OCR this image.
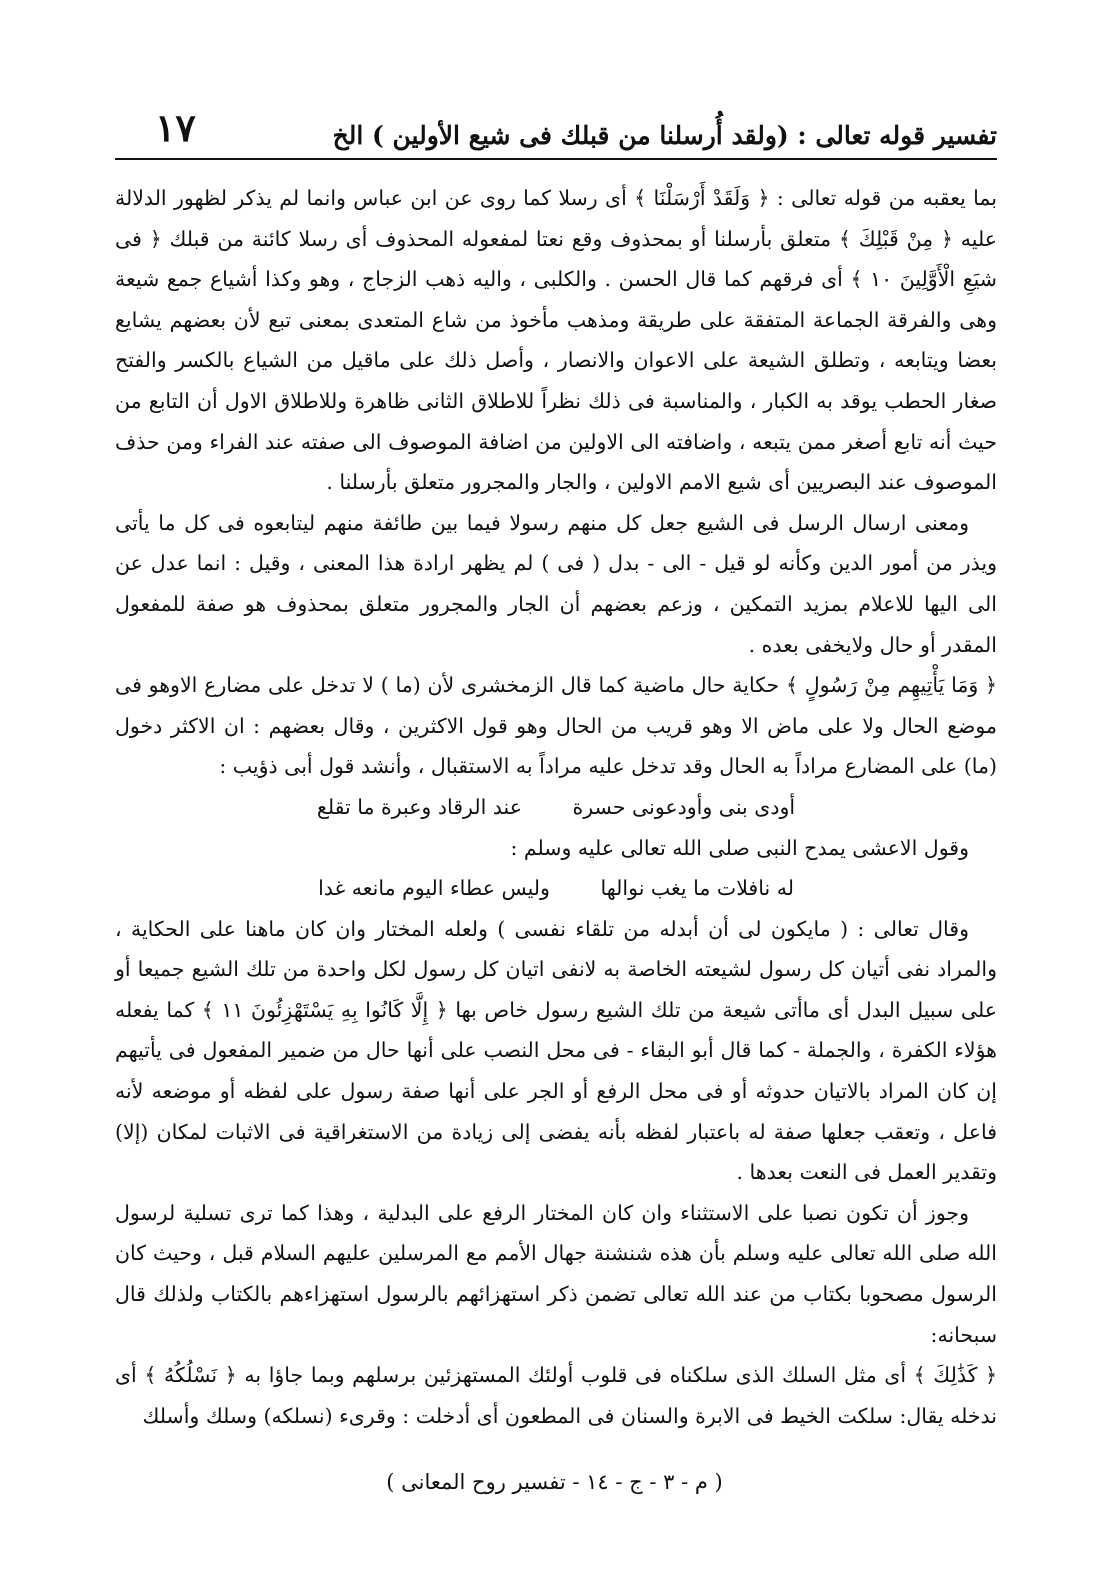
تفسير قوله تعالى : (ولقد أُرسلنا من قبلك فى شيع الأولين ) الخ
١٧

بما يعقبه من قوله تعالى : ﴿ وَلَقَدْ أَرْسَلْنَا ﴾ أى رسلا كما روى عن ابن عباس وانما لم يذكر لظهور الدلالة عليه ﴿ مِنْ قَبْلِكَ ﴾ متعلق بأرسلنا أو بمحذوف وقع نعتا لمفعوله المحذوف أى رسلا كائنة من قبلك ﴿ فى شيَعِ الْأَوَّلِينَ ١٠ ﴾ أى فرقهم كما قال الحسن . والكلبى ، واليه ذهب الزجاج ، وهو وكذا أشياع جمع شيعة وهى والفرقة الجماعة المتفقة على طريقة ومذهب مأخوذ من شاع المتعدى بمعنى تبع لأن بعضهم يشايع بعضا ويتابعه ، وتطلق الشيعة على الاعوان والانصار ، وأصل ذلك على ماقيل من الشياع بالكسر والفتح صغار الحطب يوقد به الكبار ، والمناسبة فى ذلك نظراً للاطلاق الثانى ظاهرة وللاطلاق الاول أن التابع من حيث أنه تابع أصغر ممن يتبعه ، واضافته الى الاولين من اضافة الموصوف الى صفته عند الفراء ومن حذف الموصوف عند البصريين أى شيع الامم الاولين ، والجار والمجرور متعلق بأرسلنا .

ومعنى ارسال الرسل فى الشيع جعل كل منهم رسولا فيما بين طائفة منهم ليتابعوه فى كل ما يأتى ويذر من أمور الدين وكأنه لو قيل - الى - بدل ( فى ) لم يظهر ارادة هذا المعنى ، وقيل : انما عدل عن الى اليها للاعلام بمزيد التمكين ، وزعم بعضهم أن الجار والمجرور متعلق بمحذوف هو صفة للمفعول المقدر أو حال ولايخفى بعده .

﴿ وَمَا يَأْتِيهِم مِنْ رَسُولٍ ﴾ حكاية حال ماضية كما قال الزمخشرى لأن (ما ) لا تدخل على مضارع الاوهو فى موضع الحال ولا على ماض الا وهو قريب من الحال وهو قول الاكثرين ، وقال بعضهم : ان الاكثر دخول (ما) على المضارع مراداً به الحال وقد تدخل عليه مراداً به الاستقبال ، وأنشد قول أبى ذؤيب :

أودى بنى وأودعونى حسرة عند الرقاد وعبرة ما تقلع

وقول الاعشى يمدح النبى صلى الله تعالى عليه وسلم :

له نافلات ما يغب نوالها وليس عطاء اليوم مانعه غدا

وقال تعالى : ( مايكون لى أن أبدله من تلقاء نفسى ) ولعله المختار وان كان ماهنا على الحكاية ، والمراد نفى أتيان كل رسول لشيعته الخاصة به لانفى اتيان كل رسول لكل واحدة من تلك الشيع جميعا أو على سبيل البدل أى ماأتى شيعة من تلك الشيع رسول خاص بها ﴿ إِلَّا كَانُوا بِهِ يَسْتَهْزِئُونَ ١١ ﴾ كما يفعله هؤلاء الكفرة ، والجملة - كما قال أبو البقاء - فى محل النصب على أنها حال من ضمير المفعول فى يأتيهم إن كان المراد بالاتيان حدوثه أو فى محل الرفع أو الجر على أنها صفة رسول على لفظه أو موضعه لأنه فاعل ، وتعقب جعلها صفة له باعتبار لفظه بأنه يفضى إلى زيادة من الاستغراقية فى الاثبات لمكان (إلا) وتقدير العمل فى النعت بعدها .

وجوز أن تكون نصبا على الاستثناء وان كان المختار الرفع على البدلية ، وهذا كما ترى تسلية لرسول الله صلى الله تعالى عليه وسلم بأن هذه شنشنة جهال الأمم مع المرسلين عليهم السلام قبل ، وحيث كان الرسول مصحوبا بكتاب من عند الله تعالى تضمن ذكر استهزائهم بالرسول استهزاءهم بالكتاب ولذلك قال سبحانه:

﴿ كَذَٰلِكَ ﴾ أى مثل السلك الذى سلكناه فى قلوب أولئك المستهزئين برسلهم وبما جاؤا به ﴿ نَسْلُكُهُ ﴾ أى ندخله يقال: سلكت الخيط فى الابرة والسنان فى المطعون أى أدخلت : وقرىء (نسلكه) وسلك وأسلك

( م - ٣ - ج - ١٤ - تفسير روح المعانى )
